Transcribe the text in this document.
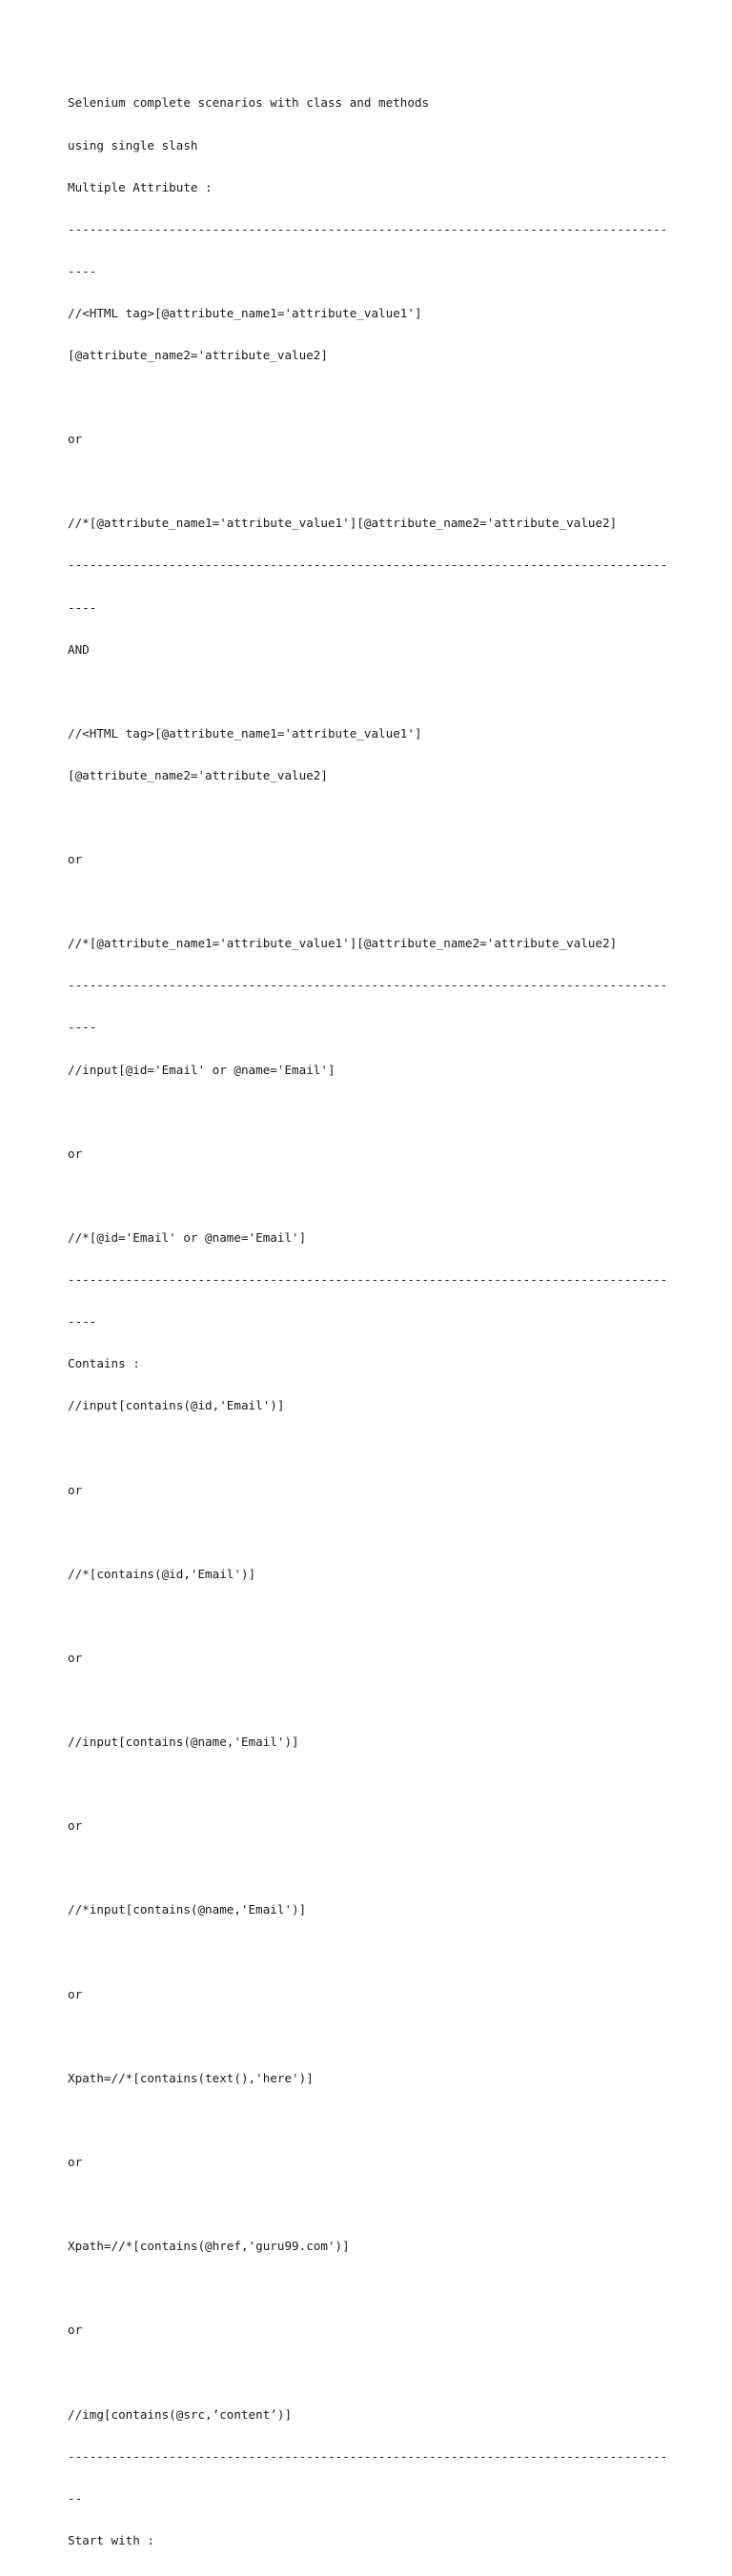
Selenium complete scenarios with class and methods

using single slash

Multiple Attribute :

-----------------------------------------------------------------------------------

----

//<HTML tag>[@attribute_name1='attribute_value1']

[@attribute_name2='attribute_value2]

or

//*[@attribute_name1='attribute_value1'][@attribute_name2='attribute_value2]

-----------------------------------------------------------------------------------

----

AND

//<HTML tag>[@attribute_name1='attribute_value1']

[@attribute_name2='attribute_value2]

or

//*[@attribute_name1='attribute_value1'][@attribute_name2='attribute_value2]

-----------------------------------------------------------------------------------

----

//input[@id='Email' or @name='Email']

or

//*[@id='Email' or @name='Email']

-----------------------------------------------------------------------------------

----

Contains :

//input[contains(@id,'Email')]

or

//*[contains(@id,'Email')]

or

//input[contains(@name,'Email')]

or

//*input[contains(@name,'Email')]

or

Xpath=//*[contains(text(),'here')]

or

Xpath=//*[contains(@href,'guru99.com')]

or

//img[contains(@src,’content’)]

-----------------------------------------------------------------------------------

--

Start with :
